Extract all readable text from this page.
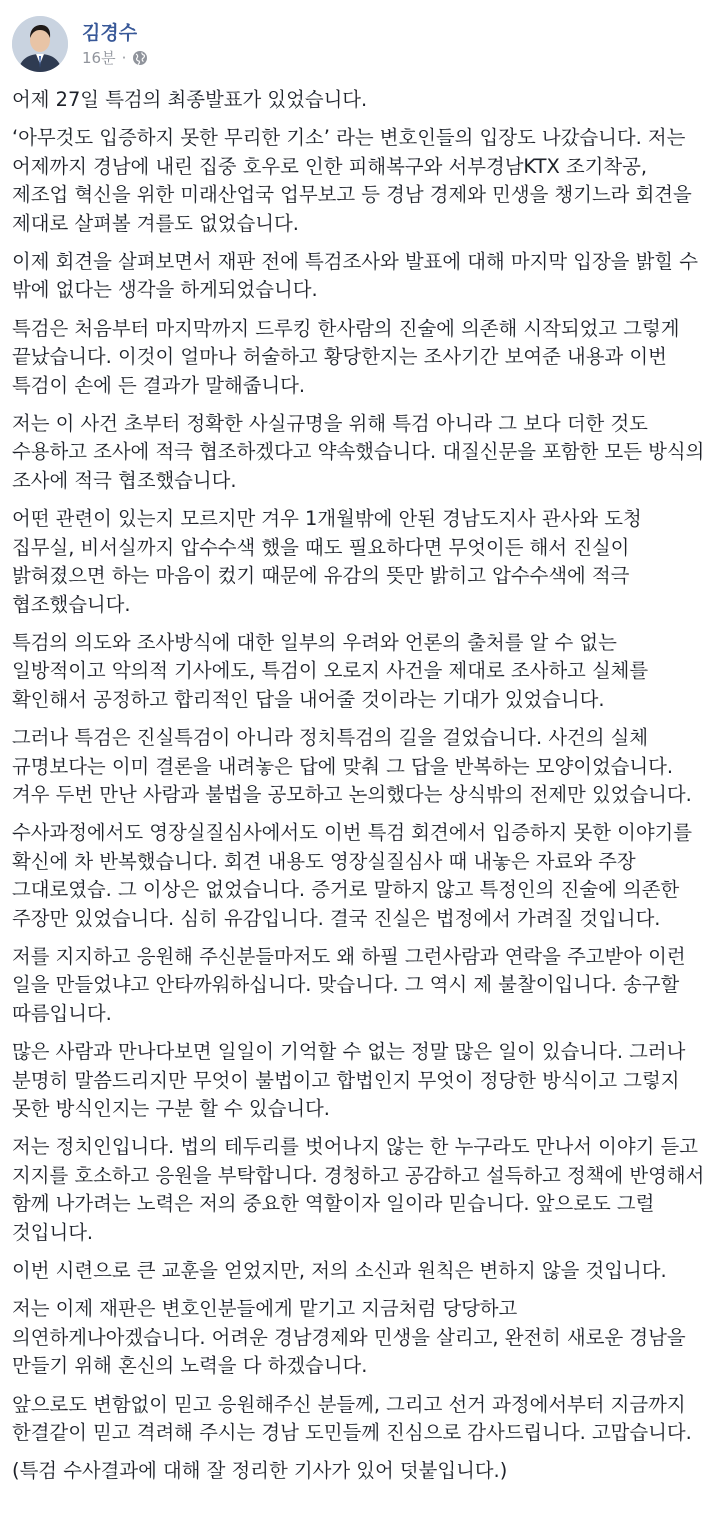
김경수
16분 ·

어제 27일 특검의 최종발표가 있었습니다.

‘아무것도 입증하지 못한 무리한 기소’ 라는 변호인들의 입장도 나갔습니다. 저는 어제까지 경남에 내린 집중 호우로 인한 피해복구와 서부경남KTX 조기착공, 제조업 혁신을 위한 미래산업국 업무보고 등 경남 경제와 민생을 챙기느라 회견을 제대로 살펴볼 겨를도 없었습니다.

이제 회견을 살펴보면서 재판 전에 특검조사와 발표에 대해 마지막 입장을 밝힐 수 밖에 없다는 생각을 하게되었습니다.

특검은 처음부터 마지막까지 드루킹 한사람의 진술에 의존해 시작되었고 그렇게 끝났습니다. 이것이 얼마나 허술하고 황당한지는 조사기간 보여준 내용과 이번 특검이 손에 든 결과가 말해줍니다.

저는 이 사건 초부터 정확한 사실규명을 위해 특검 아니라 그 보다 더한 것도 수용하고 조사에 적극 협조하겠다고 약속했습니다. 대질신문을 포함한 모든 방식의 조사에 적극 협조했습니다.

어떤 관련이 있는지 모르지만 겨우 1개월밖에 안된 경남도지사 관사와 도청 집무실, 비서실까지 압수수색 했을 때도 필요하다면 무엇이든 해서 진실이 밝혀졌으면 하는 마음이 컸기 때문에 유감의 뜻만 밝히고 압수수색에 적극 협조했습니다.

특검의 의도와 조사방식에 대한 일부의 우려와 언론의 출처를 알 수 없는 일방적이고 악의적 기사에도, 특검이 오로지 사건을 제대로 조사하고 실체를 확인해서 공정하고 합리적인 답을 내어줄 것이라는 기대가 있었습니다.

그러나 특검은 진실특검이 아니라 정치특검의 길을 걸었습니다. 사건의 실체 규명보다는 이미 결론을 내려놓은 답에 맞춰 그 답을 반복하는 모양이었습니다. 겨우 두번 만난 사람과 불법을 공모하고 논의했다는 상식밖의 전제만 있었습니다.

수사과정에서도 영장실질심사에서도 이번 특검 회견에서 입증하지 못한 이야기를 확신에 차 반복했습니다. 회견 내용도 영장실질심사 때 내놓은 자료와 주장 그대로였습. 그 이상은 없었습니다. 증거로 말하지 않고 특정인의 진술에 의존한 주장만 있었습니다. 심히 유감입니다. 결국 진실은 법정에서 가려질 것입니다.

저를 지지하고 응원해 주신분들마저도 왜 하필 그런사람과 연락을 주고받아 이런 일을 만들었냐고 안타까워하십니다. 맞습니다. 그 역시 제 불찰이입니다. 송구할 따름입니다.

많은 사람과 만나다보면 일일이 기억할 수 없는 정말 많은 일이 있습니다. 그러나 분명히 말씀드리지만 무엇이 불법이고 합법인지 무엇이 정당한 방식이고 그렇지 못한 방식인지는 구분 할 수 있습니다.

저는 정치인입니다. 법의 테두리를 벗어나지 않는 한 누구라도 만나서 이야기 듣고 지지를 호소하고 응원을 부탁합니다. 경청하고 공감하고 설득하고 정책에 반영해서 함께 나가려는 노력은 저의 중요한 역할이자 일이라 믿습니다. 앞으로도 그럴 것입니다.

이번 시련으로 큰 교훈을 얻었지만, 저의 소신과 원칙은 변하지 않을 것입니다.

저는 이제 재판은 변호인분들에게 맡기고 지금처럼 당당하고 의연하게나아겠습니다. 어려운 경남경제와 민생을 살리고, 완전히 새로운 경남을 만들기 위해 혼신의 노력을 다 하겠습니다.

앞으로도 변함없이 믿고 응원해주신 분들께, 그리고 선거 과정에서부터 지금까지 한결같이 믿고 격려해 주시는 경남 도민들께 진심으로 감사드립니다. 고맙습니다.

(특검 수사결과에 대해 잘 정리한 기사가 있어 덧붙입니다.)
